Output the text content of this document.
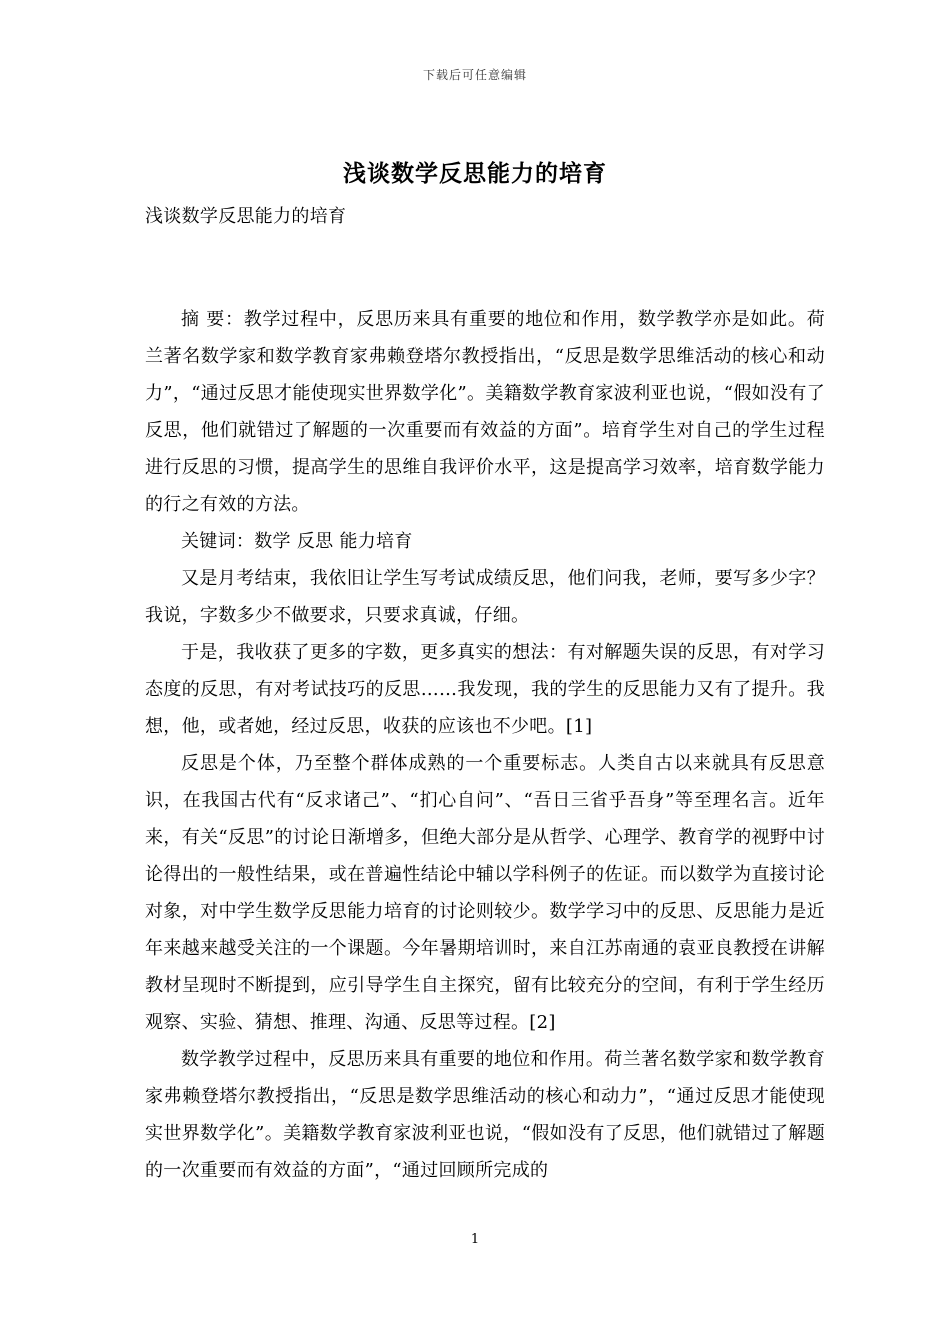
下载后可任意编辑
浅谈数学反思能力的培育

浅谈数学反思能力的培育

摘 要：教学过程中，反思历来具有重要的地位和作用，数学教学亦是如此。荷兰著名数学家和数学教育家弗赖登塔尔教授指出，“反思是数学思维活动的核心和动力”，“通过反思才能使现实世界数学化”。美籍数学教育家波利亚也说，“假如没有了反思，他们就错过了解题的一次重要而有效益的方面”。培育学生对自己的学生过程进行反思的习惯，提高学生的思维自我评价水平，这是提高学习效率，培育数学能力的行之有效的方法。

关键词：数学 反思 能力培育

又是月考结束，我依旧让学生写考试成绩反思，他们问我，老师，要写多少字？我说，字数多少不做要求，只要求真诚，仔细。

于是，我收获了更多的字数，更多真实的想法：有对解题失误的反思，有对学习态度的反思，有对考试技巧的反思……我发现，我的学生的反思能力又有了提升。我想，他，或者她，经过反思，收获的应该也不少吧。[1]

反思是个体，乃至整个群体成熟的一个重要标志。人类自古以来就具有反思意识，在我国古代有“反求诸己”、“扪心自问”、“吾日三省乎吾身”等至理名言。近年来，有关“反思”的讨论日渐增多，但绝大部分是从哲学、心理学、教育学的视野中讨论得出的一般性结果，或在普遍性结论中辅以学科例子的佐证。而以数学为直接讨论对象，对中学生数学反思能力培育的讨论则较少。数学学习中的反思、反思能力是近年来越来越受关注的一个课题。今年暑期培训时，来自江苏南通的袁亚良教授在讲解教材呈现时不断提到，应引导学生自主探究，留有比较充分的空间，有利于学生经历观察、实验、猜想、推理、沟通、反思等过程。[2]

数学教学过程中，反思历来具有重要的地位和作用。荷兰著名数学家和数学教育家弗赖登塔尔教授指出，“反思是数学思维活动的核心和动力”，“通过反思才能使现实世界数学化”。美籍数学教育家波利亚也说，“假如没有了反思，他们就错过了解题的一次重要而有效益的方面”，“通过回顾所完成的

1
